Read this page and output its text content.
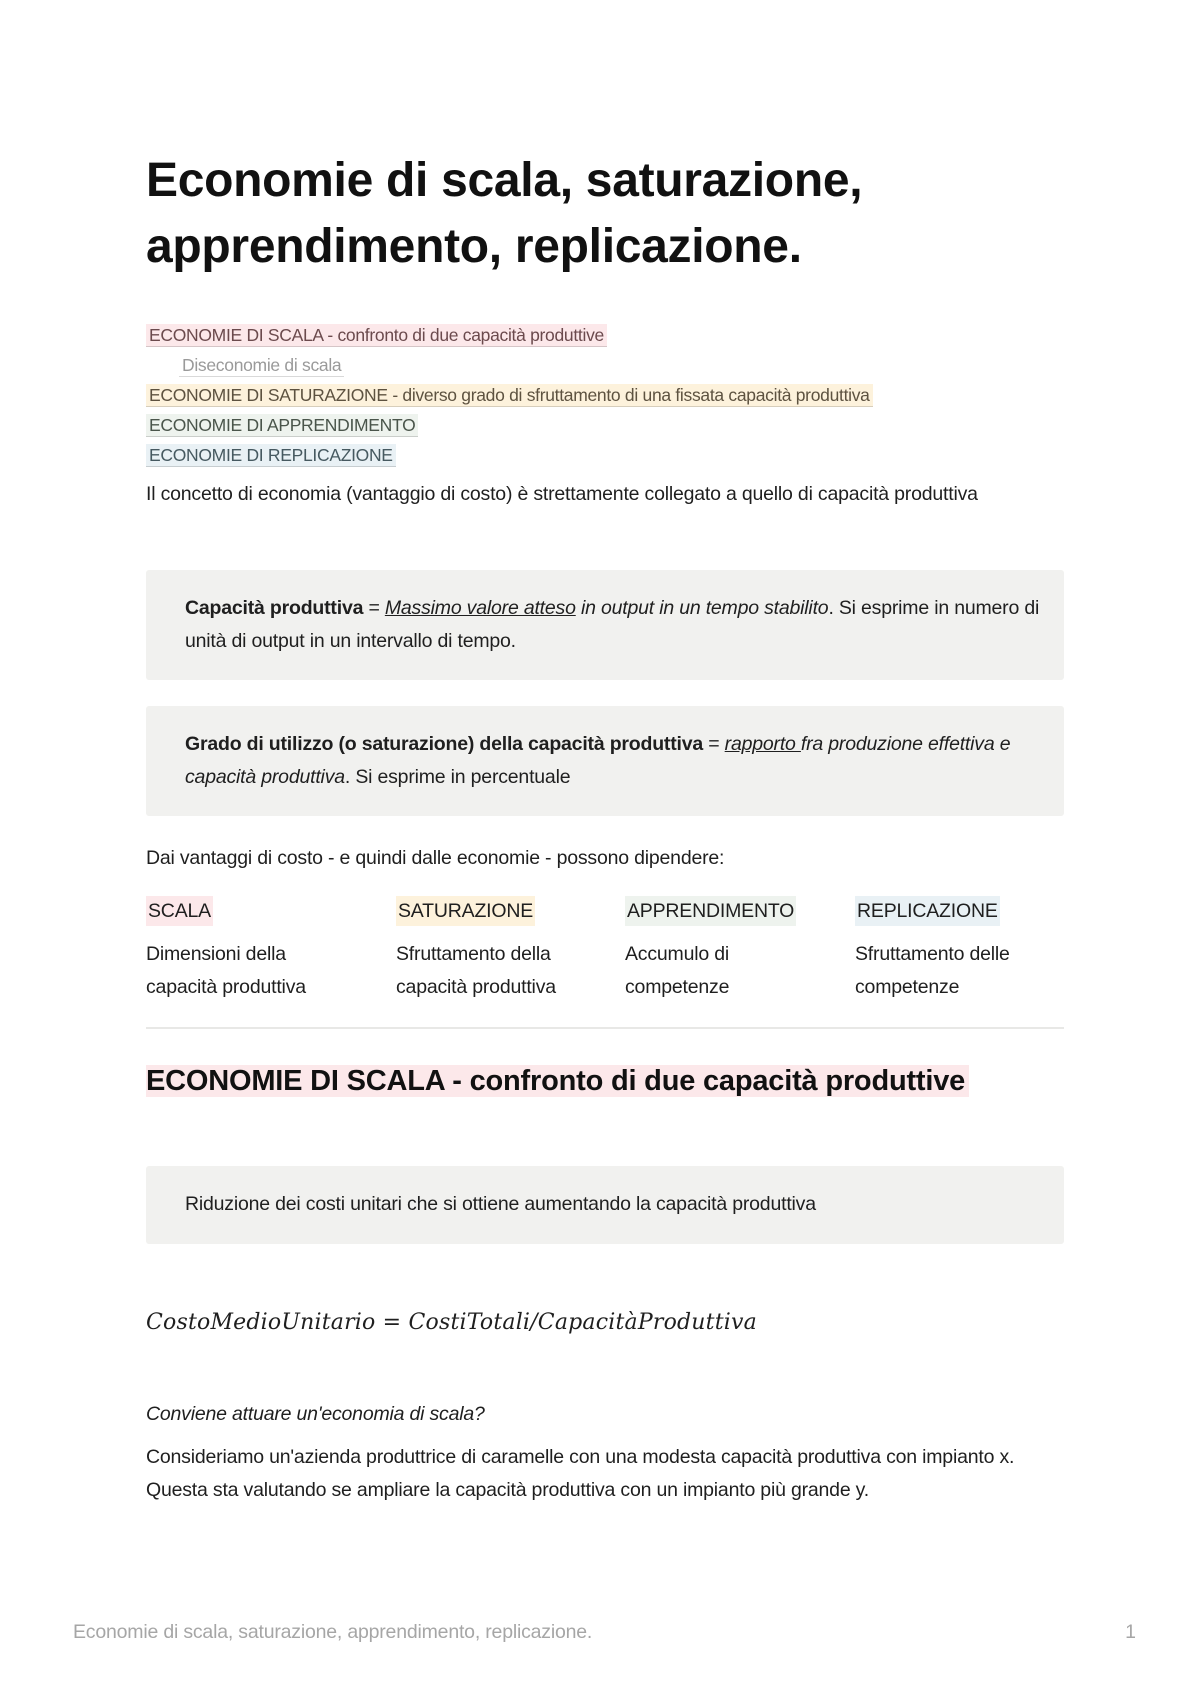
Economie di scala, saturazione, apprendimento, replicazione.
ECONOMIE DI SCALA - confronto di due capacità produttive
Diseconomie di scala
ECONOMIE DI SATURAZIONE - diverso grado di sfruttamento di una fissata capacità produttiva
ECONOMIE DI APPRENDIMENTO
ECONOMIE DI REPLICAZIONE

Il concetto di economia (vantaggio di costo) è strettamente collegato a quello di capacità produttiva

Capacità produttiva = Massimo valore atteso in output in un tempo stabilito. Si esprime in numero di unità di output in un intervallo di tempo.
Grado di utilizzo (o saturazione) della capacità produttiva = rapporto fra produzione effettiva e capacità produttiva. Si esprime in percentuale

Dai vantaggi di costo - e quindi dalle economie - possono dipendere:

SCALA
Dimensioni della capacità produttiva
SATURAZIONE
Sfruttamento della capacità produttiva
APPRENDIMENTO
Accumulo di competenze
REPLICAZIONE
Sfruttamento delle competenze
ECONOMIE DI SCALA - confronto di due capacità produttive
Riduzione dei costi unitari che si ottiene aumentando la capacità produttiva
CostoMedioUnitario = CostiTotali/CapacitàProduttiva
Conviene attuare un'economia di scala?

Consideriamo un'azienda produttrice di caramelle con una modesta capacità produttiva con impianto x. Questa sta valutando se ampliare la capacità produttiva con un impianto più grande y.

Economie di scala, saturazione, apprendimento, replicazione.	1
